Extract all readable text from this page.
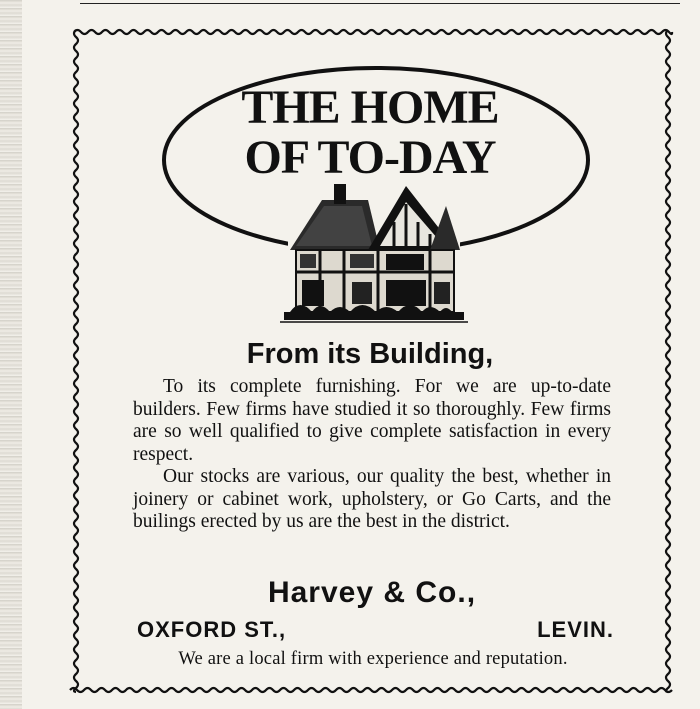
THE HOME
OF TO-DAY
From its Building,

To its complete furnishing. For we are up-to-date builders. Few firms have studied it so thoroughly. Few firms are so well qualified to give complete satisfaction in every respect.

Our stocks are various, our quality the best, whether in joinery or cabinet work, upholstery, or Go Carts, and the builings erected by us are the best in the district.

Harvey & Co.,
OXFORD ST.,	LEVIN.
We are a local firm with experience and reputation.
